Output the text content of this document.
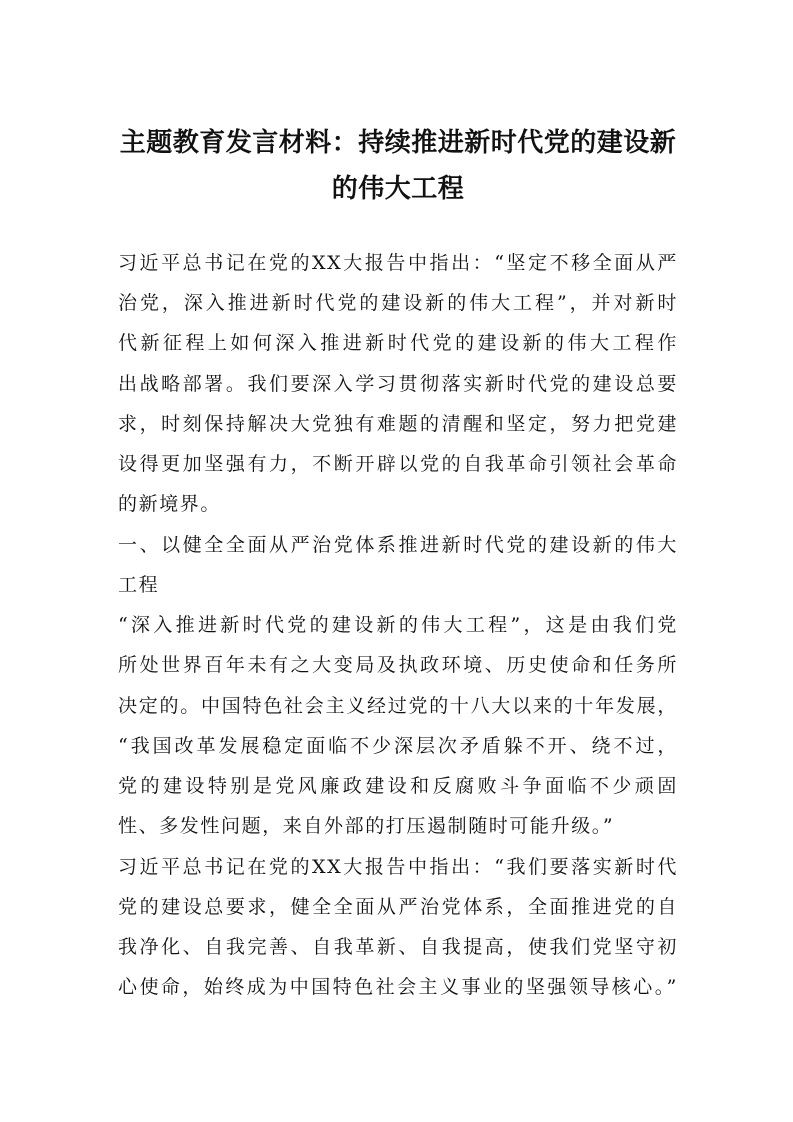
主题教育发言材料：持续推进新时代党的建设新的伟大工程
习近平总书记在党的XX大报告中指出：“坚定不移全面从严
治党，深入推进新时代党的建设新的伟大工程”，并对新时
代新征程上如何深入推进新时代党的建设新的伟大工程作
出战略部署。我们要深入学习贯彻落实新时代党的建设总要
求，时刻保持解决大党独有难题的清醒和坚定，努力把党建
设得更加坚强有力，不断开辟以党的自我革命引领社会革命
的新境界。
一、以健全全面从严治党体系推进新时代党的建设新的伟大
工程
“深入推进新时代党的建设新的伟大工程”，这是由我们党
所处世界百年未有之大变局及执政环境、历史使命和任务所
决定的。中国特色社会主义经过党的十八大以来的十年发展，
“我国改革发展稳定面临不少深层次矛盾躲不开、绕不过，
党的建设特别是党风廉政建设和反腐败斗争面临不少顽固
性、多发性问题，来自外部的打压遏制随时可能升级。”
习近平总书记在党的XX大报告中指出：“我们要落实新时代
党的建设总要求，健全全面从严治党体系，全面推进党的自
我净化、自我完善、自我革新、自我提高，使我们党坚守初
心使命，始终成为中国特色社会主义事业的坚强领导核心。”
